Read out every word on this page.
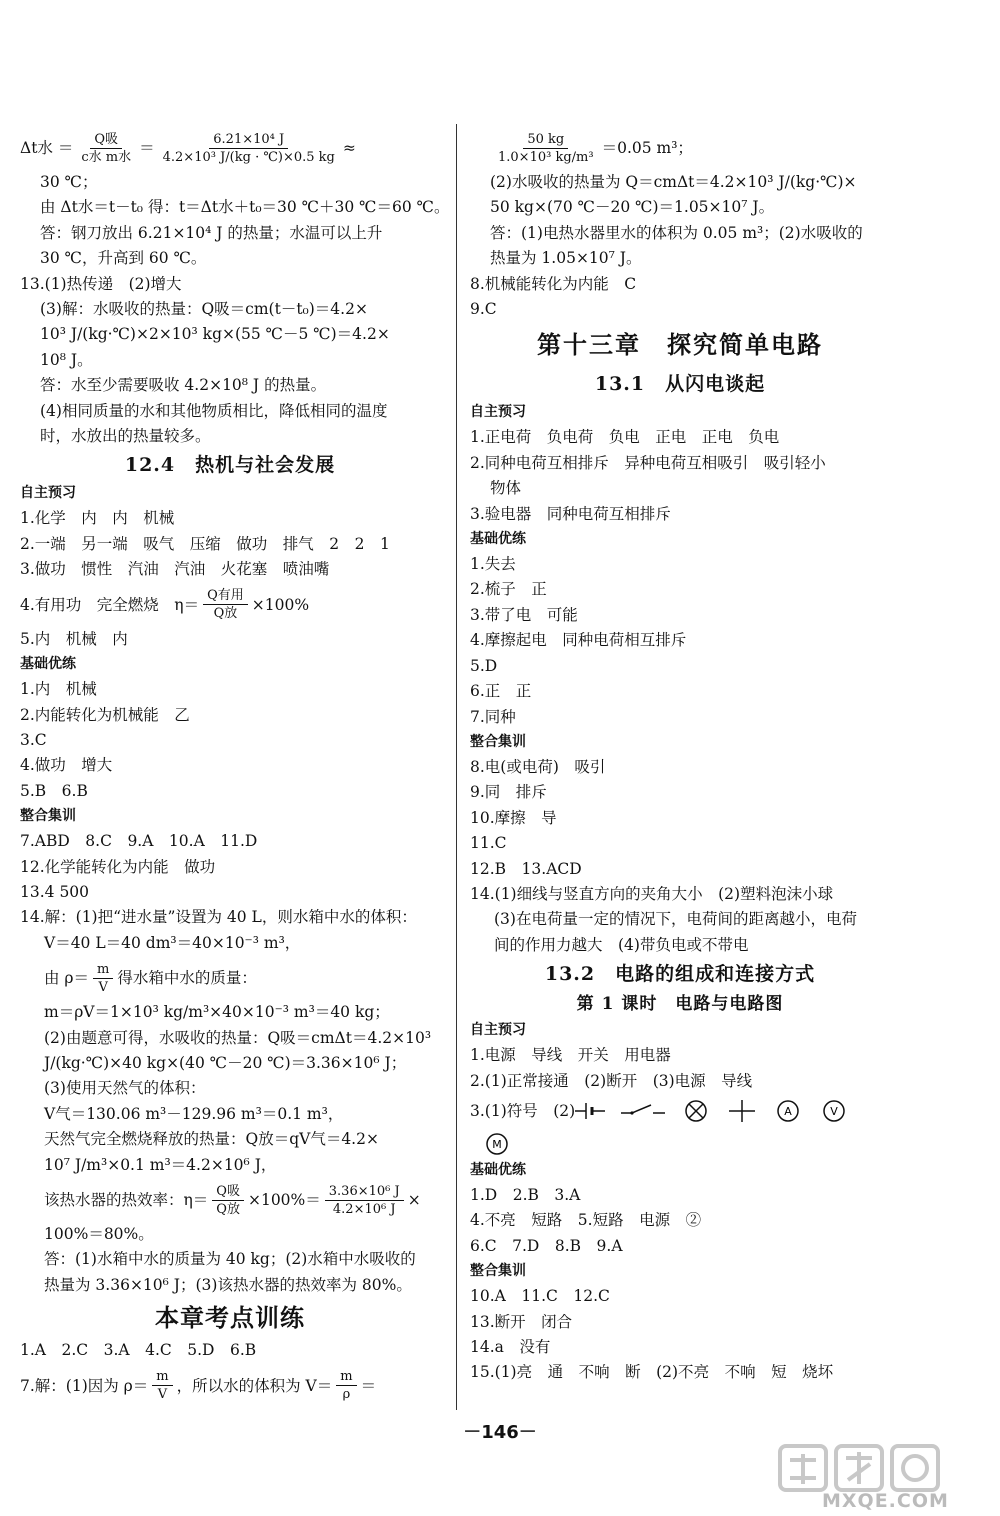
Δt水 ＝ $\frac{\text{Q吸}}{\text{c水 m水}} = \frac{\text{6.21×10⁴ J}}{\text{4.2×10³ J/(kg · ℃)×0.5 kg}}$ ≈
30 ℃；
由 Δt水＝t－t₀ 得：t＝Δt水＋t₀＝30 ℃＋30 ℃＝60 ℃。
答：钢刀放出 6.21×10⁴ J 的热量；水温可以上升
30 ℃，升高到 60 ℃。
13.(1)热传递　(2)增大
(3)解：水吸收的热量：Q吸＝cm(t－t₀)＝4.2×
10³ J/(kg·℃)×2×10³ kg×(55 ℃－5 ℃)＝4.2×
10⁸ J。
答：水至少需要吸收 4.2×10⁸ J 的热量。
(4)相同质量的水和其他物质相比，降低相同的温度
时，水放出的热量较多。
12.4　热机与社会发展
自主预习
1.化学　内　内　机械
2.一端　另一端　吸气　压缩　做功　排气　2　2　1
3.做功　惯性　汽油　汽油　火花塞　喷油嘴
4.有用功　完全燃烧　$\eta= \frac{\text{Q有用}}{\text{Q放}} \times 100\%$
5.内　机械　内
基础优练
1.内　机械
2.内能转化为机械能　乙
3.C
4.做功　增大
5.B　6.B
整合集训
7.ABD　8.C　9.A　10.A　11.D
12.化学能转化为内能　做功
13.4 500
14.解：(1)把“进水量”设置为 40 L，则水箱中水的体积：
V＝40 L＝40 dm³＝40×10⁻³ m³，
由 $\rho= \frac{m}{V}$ 得水箱中水的质量：
m＝ρV＝1×10³ kg/m³×40×10⁻³ m³＝40 kg；
(2)由题意可得，水吸收的热量：Q吸＝cmΔt＝4.2×10³
J/(kg·℃)×40 kg×(40 ℃－20 ℃)＝3.36×10⁶ J；
(3)使用天然气的体积：
V气＝130.06 m³－129.96 m³＝0.1 m³，
天然气完全燃烧释放的热量：Q放＝qV气＝4.2×
10⁷ J/m³×0.1 m³＝4.2×10⁶ J，
该热水器的热效率：$\eta= \frac{\text{Q吸}}{\text{Q放}} \times 100\%= \frac{\text{3.36×10⁶ J}}{\text{4.2×10⁶ J}}$ ×
100%＝80%。
答：(1)水箱中水的质量为 40 kg；(2)水箱中水吸收的
热量为 3.36×10⁶ J；(3)该热水器的热效率为 80%。
本章考点训练
1.A　2.C　3.A　4.C　5.D　6.B
7.解：(1)因为 $\rho= \frac{m}{V}$ ，所以水的体积为 $V= \frac{m}{\rho}$ ＝
$\frac{50 kg}{\text{1.0×10³ kg/m³}} =0.05$ m³；
(2)水吸收的热量为 Q＝cmΔt＝4.2×10³ J/(kg·℃)×
50 kg×(70 ℃－20 ℃)＝1.05×10⁷ J。
答：(1)电热水器里水的体积为 0.05 m³；(2)水吸收的
热量为 1.05×10⁷ J。
8.机械能转化为内能　C
9.C
第十三章　探究简单电路
13.1　从闪电谈起
自主预习
1.正电荷　负电荷　负电　正电　正电　负电
2.同种电荷互相排斥　异种电荷互相吸引　吸引轻小
物体
3.验电器　同种电荷互相排斥
基础优练
1.失去
2.梳子　正
3.带了电　可能
4.摩擦起电　同种电荷相互排斥
5.D
6.正　正
7.同种
整合集训
8.电(或电荷)　吸引
9.同　排斥
10.摩擦　导
11.C
12.B　13.ACD
14.(1)细线与竖直方向的夹角大小　(2)塑料泡沫小球
(3)在电荷量一定的情况下，电荷间的距离越小，电荷
间的作用力越大　(4)带负电或不带电
13.2　电路的组成和连接方式
第 1 课时　电路与电路图
自主预习
1.电源　导线　开关　用电器
2.(1)正常接通　(2)断开　(3)电源　导线
3.(1)符号　(2)	A	V
M
基础优练
1.D　2.B　3.A
4.不亮　短路　5.短路　电源　②
6.C　7.D　8.B　9.A
整合集训
10.A　11.C　12.C
13.断开　闭合
14.a　没有
15.(1)亮　通　不响　断　(2)不亮　不响　短　烧坏
－146－
MXQE.COM
